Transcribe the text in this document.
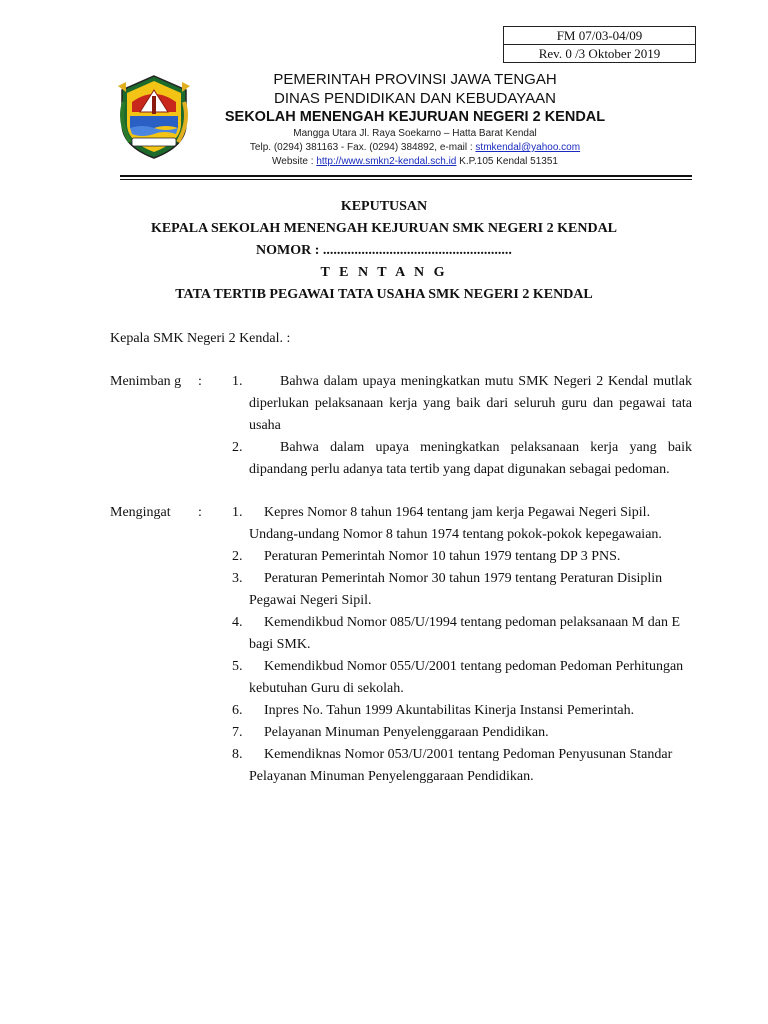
FM 07/03-04/09
Rev. 0 /3 Oktober 2019
PEMERINTAH PROVINSI JAWA TENGAH
DINAS PENDIDIKAN DAN KEBUDAYAAN
SEKOLAH MENENGAH KEJURUAN NEGERI 2 KENDAL
Mangga Utara Jl. Raya Soekarno – Hatta Barat Kendal
Telp. (0294) 381163 - Fax. (0294) 384892, e-mail : stmkendal@yahoo.com
Website : http://www.smkn2-kendal.sch.id K.P.105 Kendal 51351
KEPUTUSAN
KEPALA SEKOLAH MENENGAH KEJURUAN SMK NEGERI 2 KENDAL
NOMOR : ......................................................
T E N T A N G
TATA TERTIB PEGAWAI TATA USAHA SMK NEGERI 2 KENDAL
Kepala SMK Negeri 2 Kendal. :
Menimban g : 1.	Bahwa dalam upaya meningkatkan mutu SMK Negeri 2 Kendal mutlak diperlukan pelaksanaan kerja yang baik dari seluruh guru dan pegawai tata usaha
2.	Bahwa dalam upaya meningkatkan pelaksanaan kerja yang baik dipandang perlu adanya tata tertib yang dapat digunakan sebagai pedoman.
Mengingat	: 1.	Kepres Nomor 8 tahun 1964 tentang jam kerja Pegawai Negeri Sipil. Undang-undang Nomor 8 tahun 1974 tentang pokok-pokok kepegawaian.
2.	Peraturan Pemerintah Nomor 10 tahun 1979 tentang DP 3 PNS.
3.	Peraturan Pemerintah Nomor 30 tahun 1979 tentang Peraturan Disiplin Pegawai Negeri Sipil.
4.	Kemendikbud Nomor 085/U/1994 tentang pedoman pelaksanaan M dan E bagi SMK.
5.	Kemendikbud Nomor 055/U/2001 tentang pedoman Pedoman Perhitungan kebutuhan Guru di sekolah.
6.	Inpres No. Tahun 1999 Akuntabilitas Kinerja Instansi Pemerintah.
7.	Pelayanan Minuman Penyelenggaraan Pendidikan.
8.	Kemendiknas Nomor 053/U/2001 tentang Pedoman Penyusunan Standar Pelayanan Minuman Penyelenggaraan Pendidikan.
